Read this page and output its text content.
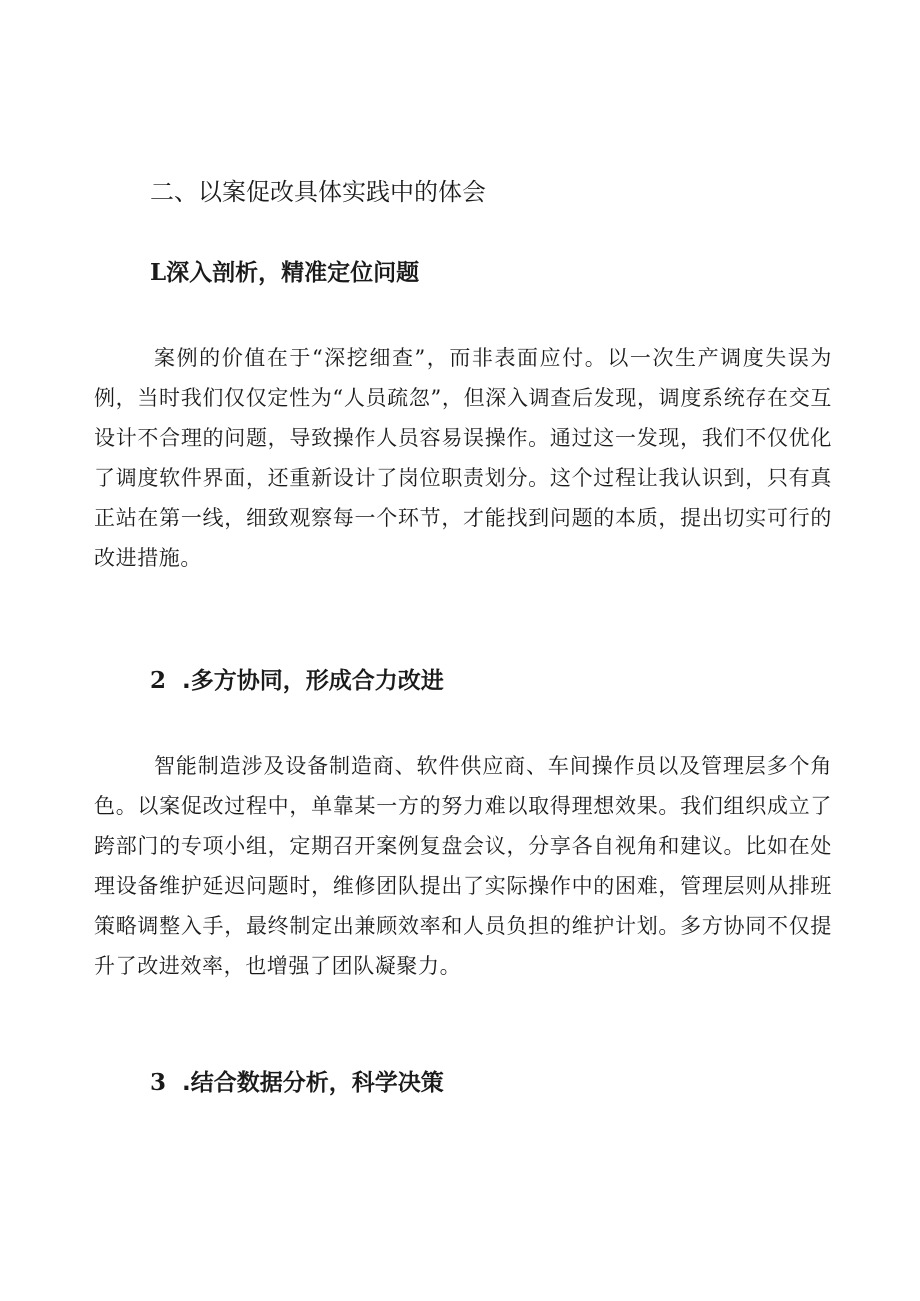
二、以案促改具体实践中的体会
L深入剖析，精准定位问题

案例的价值在于“深挖细查”，而非表面应付。以一次生产调度失误为例，当时我们仅仅定性为“人员疏忽”，但深入调查后发现，调度系统存在交互设计不合理的问题，导致操作人员容易误操作。通过这一发现，我们不仅优化了调度软件界面，还重新设计了岗位职责划分。这个过程让我认识到，只有真正站在第一线，细致观察每一个环节，才能找到问题的本质，提出切实可行的改进措施。

2 .多方协同，形成合力改进

智能制造涉及设备制造商、软件供应商、车间操作员以及管理层多个角色。以案促改过程中，单靠某一方的努力难以取得理想效果。我们组织成立了跨部门的专项小组，定期召开案例复盘会议，分享各自视角和建议。比如在处理设备维护延迟问题时，维修团队提出了实际操作中的困难，管理层则从排班策略调整入手，最终制定出兼顾效率和人员负担的维护计划。多方协同不仅提升了改进效率，也增强了团队凝聚力。

3 .结合数据分析，科学决策
